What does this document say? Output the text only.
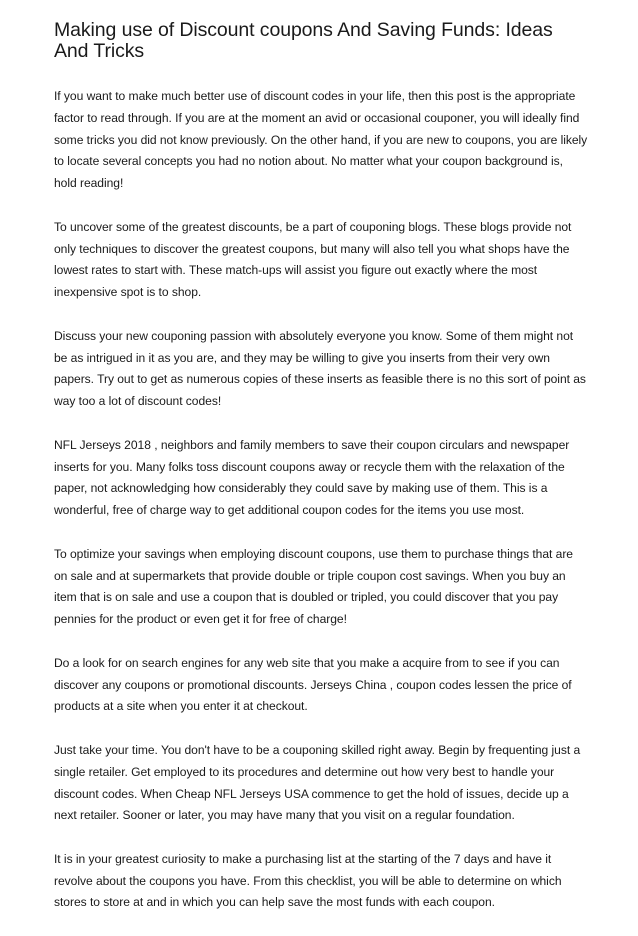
Making use of Discount coupons And Saving Funds: Ideas And Tricks

If you want to make much better use of discount codes in your life, then this post is the appropriate factor to read through. If you are at the moment an avid or occasional couponer, you will ideally find some tricks you did not know previously. On the other hand, if you are new to coupons, you are likely to locate several concepts you had no notion about. No matter what your coupon background is, hold reading!

To uncover some of the greatest discounts, be a part of couponing blogs. These blogs provide not only techniques to discover the greatest coupons, but many will also tell you what shops have the lowest rates to start with. These match-ups will assist you figure out exactly where the most inexpensive spot is to shop.

Discuss your new couponing passion with absolutely everyone you know. Some of them might not be as intrigued in it as you are, and they may be willing to give you inserts from their very own papers. Try out to get as numerous copies of these inserts as feasible there is no this sort of point as way too a lot of discount codes!

NFL Jerseys 2018 , neighbors and family members to save their coupon circulars and newspaper inserts for you. Many folks toss discount coupons away or recycle them with the relaxation of the paper, not acknowledging how considerably they could save by making use of them. This is a wonderful, free of charge way to get additional coupon codes for the items you use most.

To optimize your savings when employing discount coupons, use them to purchase things that are on sale and at supermarkets that provide double or triple coupon cost savings. When you buy an item that is on sale and use a coupon that is doubled or tripled, you could discover that you pay pennies for the product or even get it for free of charge!

Do a look for on search engines for any web site that you make a acquire from to see if you can discover any coupons or promotional discounts. Jerseys China , coupon codes lessen the price of products at a site when you enter it at checkout.

Just take your time. You don't have to be a couponing skilled right away. Begin by frequenting just a single retailer. Get employed to its procedures and determine out how very best to handle your discount codes. When Cheap NFL Jerseys USA commence to get the hold of issues, decide up a next retailer. Sooner or later, you may have many that you visit on a regular foundation.

It is in your greatest curiosity to make a purchasing list at the starting of the 7 days and have it revolve about the coupons you have. From this checklist, you will be able to determine on which stores to store at and in which you can help save the most funds with each coupon.
